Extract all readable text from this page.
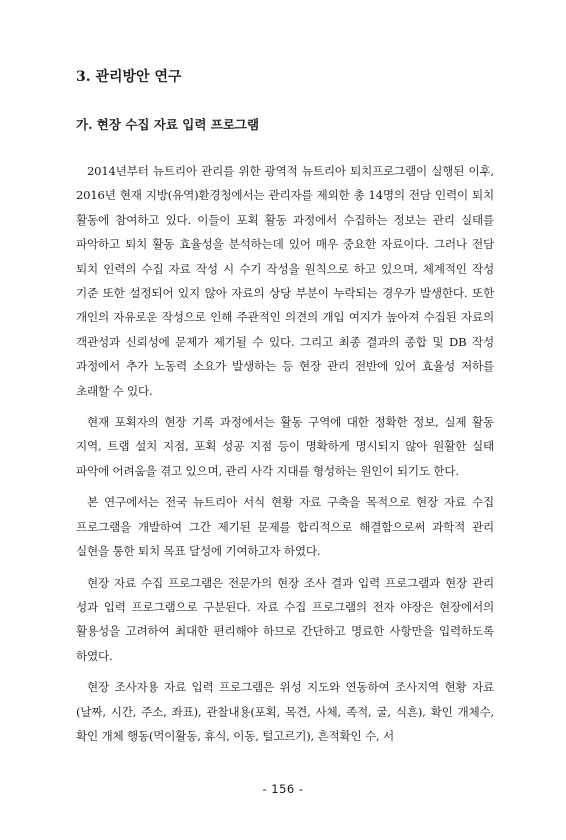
3. 관리방안 연구
가. 현장 수집 자료 입력 프로그램

2014년부터 뉴트리아 관리를 위한 광역적 뉴트리아 퇴치프로그램이 실행된 이후, 2016년 현재 지방(유역)환경청에서는 관리자를 제외한 총 14명의 전담 인력이 퇴치 활동에 참여하고 있다. 이들이 포획 활동 과정에서 수집하는 정보는 관리 실태를 파악하고 퇴치 활동 효율성을 분석하는데 있어 매우 중요한 자료이다. 그러나 전담 퇴치 인력의 수집 자료 작성 시 수기 작성을 원칙으로 하고 있으며, 체계적인 작성 기준 또한 설정되어 있지 않아 자료의 상당 부분이 누락되는 경우가 발생한다. 또한 개인의 자유로운 작성으로 인해 주관적인 의견의 개입 여지가 높아져 수집된 자료의 객관성과 신뢰성에 문제가 제기될 수 있다. 그리고 최종 결과의 종합 및 DB 작성 과정에서 추가 노동력 소요가 발생하는 등 현장 관리 전반에 있어 효율성 저하를 초래할 수 있다.

현재 포획자의 현장 기록 과정에서는 활동 구역에 대한 정확한 정보, 실제 활동 지역, 트랩 설치 지점, 포획 성공 지점 등이 명확하게 명시되지 않아 원활한 실태 파악에 어려움을 겪고 있으며, 관리 사각 지대를 형성하는 원인이 되기도 한다.

본 연구에서는 전국 뉴트리아 서식 현황 자료 구축을 목적으로 현장 자료 수집 프로그램을 개발하여 그간 제기된 문제를 합리적으로 해결함으로써 과학적 관리 실현을 통한 퇴치 목표 달성에 기여하고자 하였다.

현장 자료 수집 프로그램은 전문가의 현장 조사 결과 입력 프로그램과 현장 관리 성과 입력 프로그램으로 구분된다. 자료 수집 프로그램의 전자 야장은 현장에서의 활용성을 고려하여 최대한 편리해야 하므로 간단하고 명료한 사항만을 입력하도록 하였다.

현장 조사자용 자료 입력 프로그램은 위성 지도와 연동하여 조사지역 현황 자료(날짜, 시간, 주소, 좌표), 관찰내용(포획, 목견, 사체, 족적, 굴, 식흔), 확인 개체수, 확인 개체 행동(먹이활동, 휴식, 이동, 털고르기), 흔적확인 수, 서

- 156 -
